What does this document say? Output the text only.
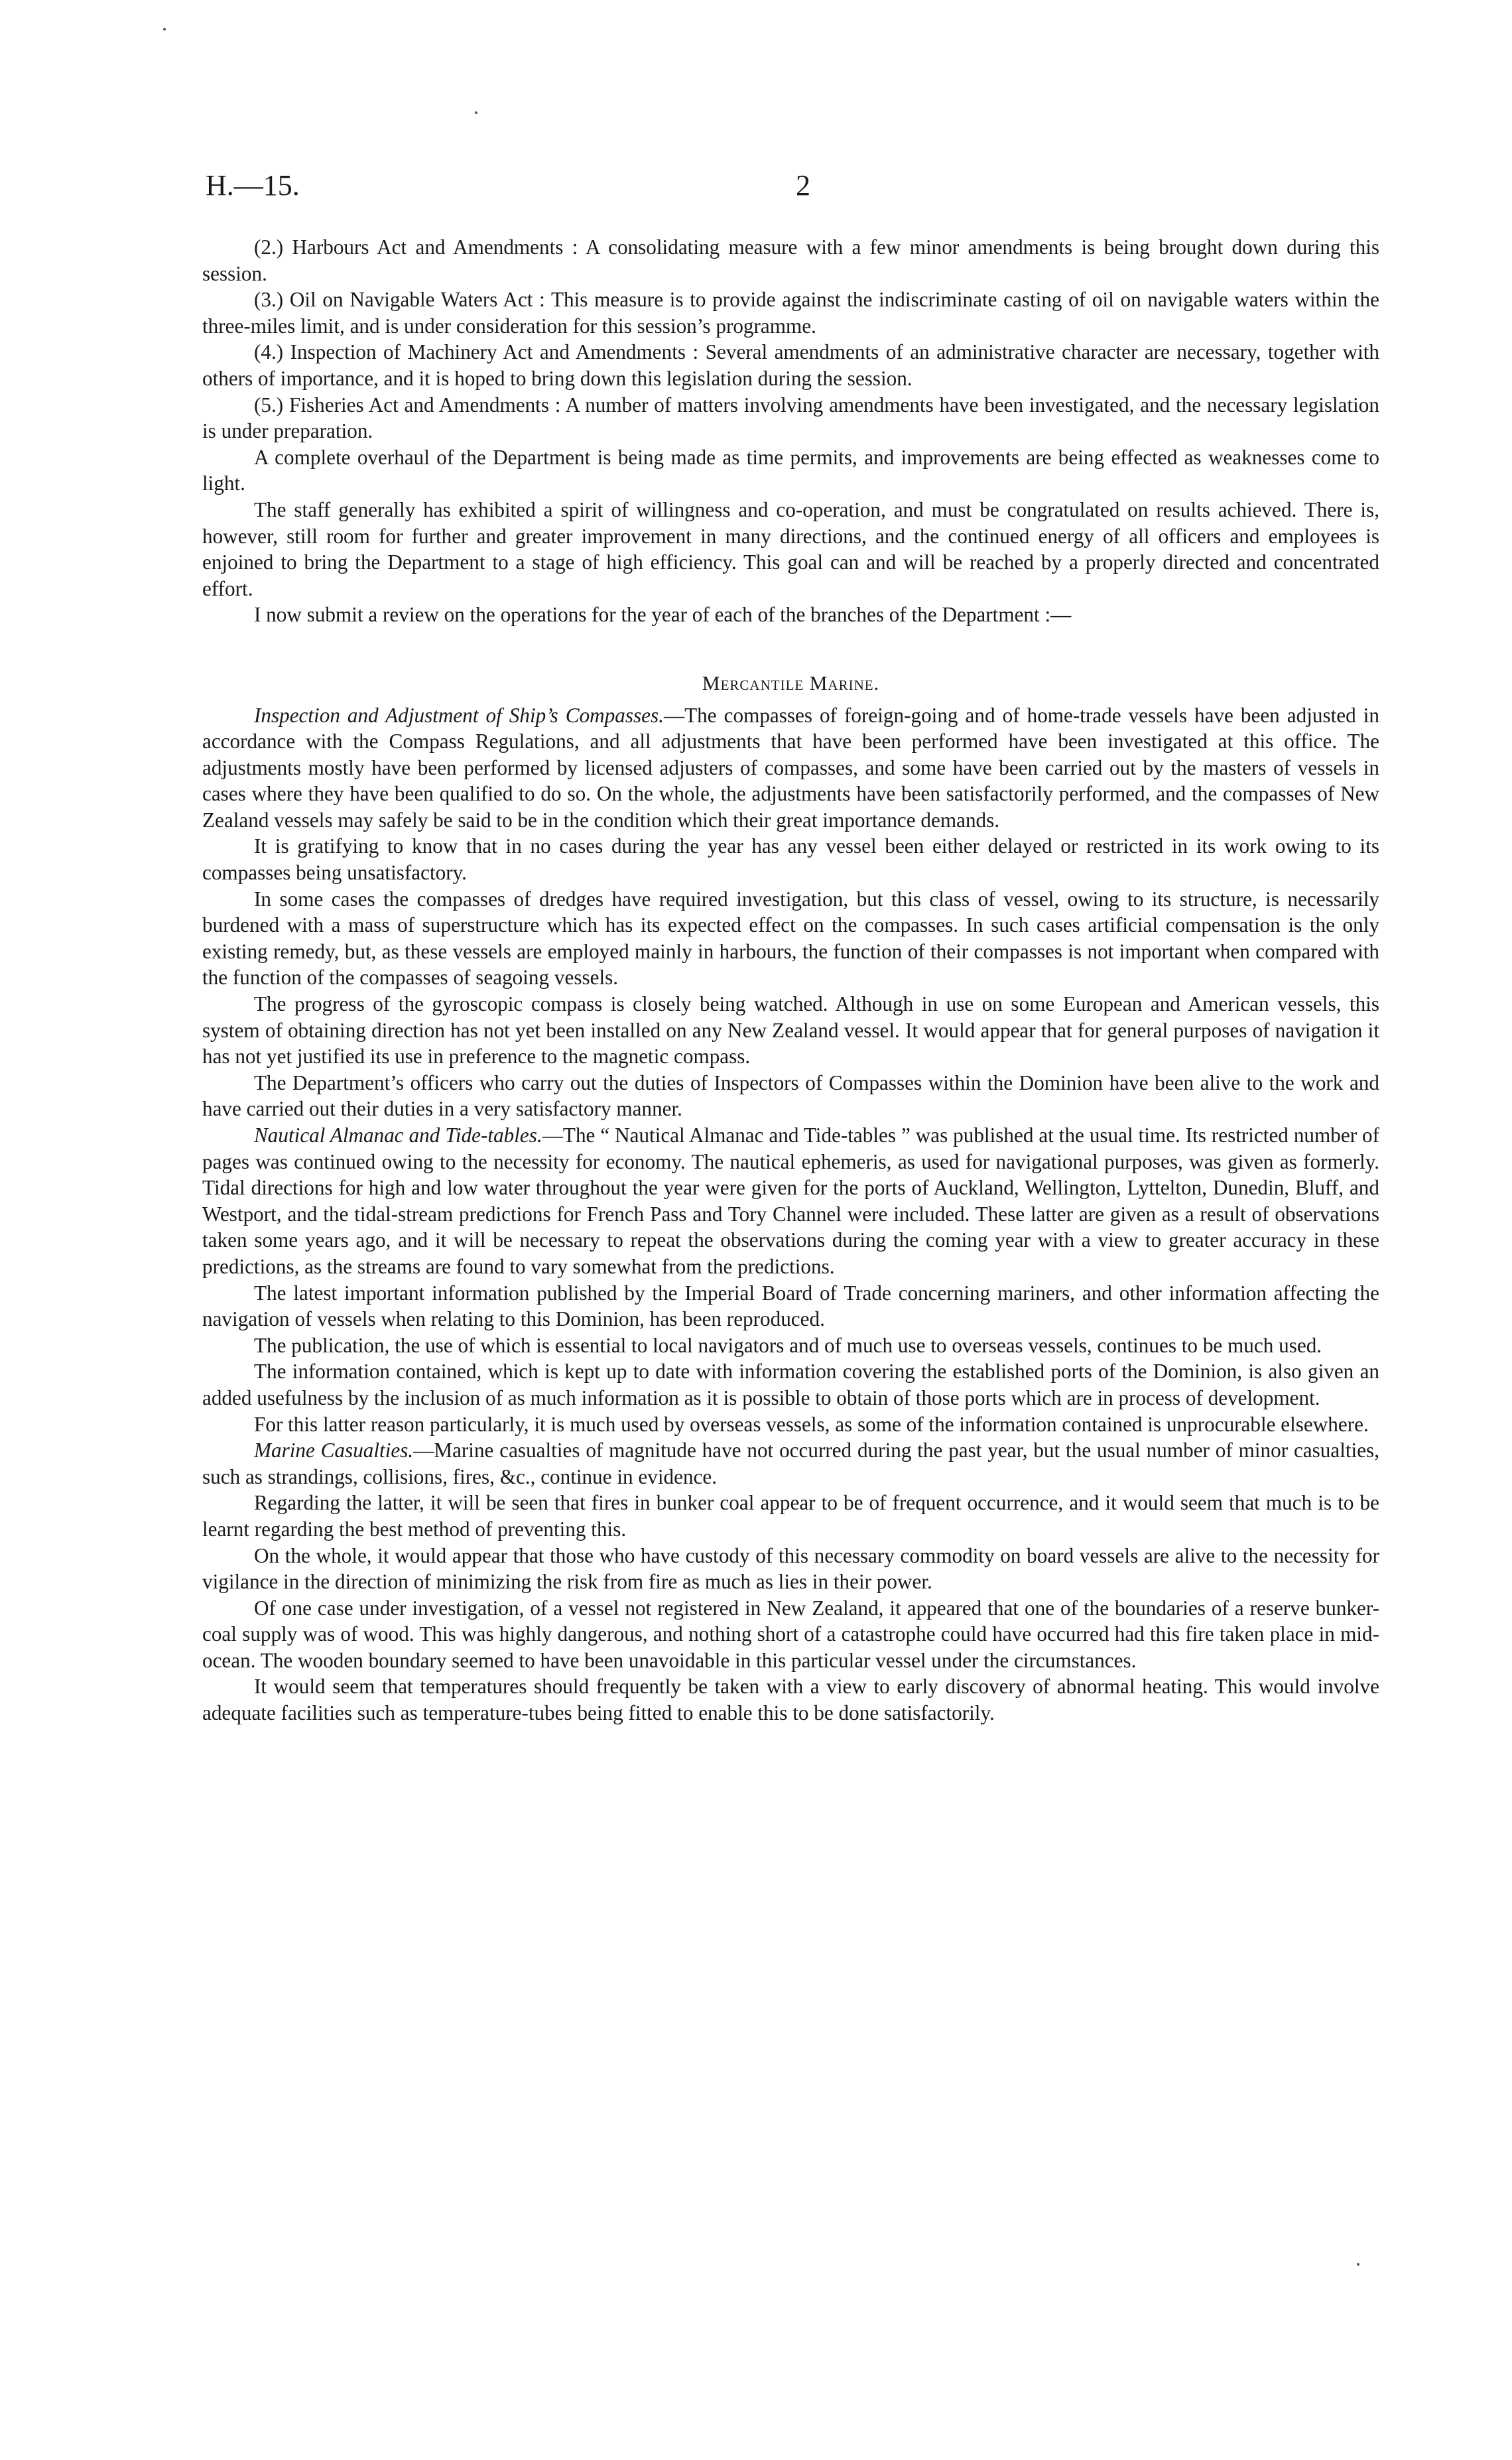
H.—15.	2

(2.) Harbours Act and Amendments : A consolidating measure with a few minor amendments is being brought down during this session.

(3.) Oil on Navigable Waters Act : This measure is to provide against the indiscriminate casting of oil on navigable waters within the three-miles limit, and is under consideration for this session’s programme.

(4.) Inspection of Machinery Act and Amendments : Several amendments of an administrative character are necessary, together with others of importance, and it is hoped to bring down this legislation during the session.

(5.) Fisheries Act and Amendments : A number of matters involving amendments have been investigated, and the necessary legislation is under preparation.

A complete overhaul of the Department is being made as time permits, and improvements are being effected as weaknesses come to light.

The staff generally has exhibited a spirit of willingness and co-operation, and must be congratulated on results achieved. There is, however, still room for further and greater improvement in many directions, and the continued energy of all officers and employees is enjoined to bring the Department to a stage of high efficiency. This goal can and will be reached by a properly directed and concentrated effort.

I now submit a review on the operations for the year of each of the branches of the Department :—

Mercantile Marine.

Inspection and Adjustment of Ship’s Compasses.—The compasses of foreign-going and of home-trade vessels have been adjusted in accordance with the Compass Regulations, and all adjustments that have been performed have been investigated at this office. The adjustments mostly have been performed by licensed adjusters of compasses, and some have been carried out by the masters of vessels in cases where they have been qualified to do so. On the whole, the adjustments have been satisfactorily performed, and the compasses of New Zealand vessels may safely be said to be in the condition which their great importance demands.

It is gratifying to know that in no cases during the year has any vessel been either delayed or restricted in its work owing to its compasses being unsatisfactory.

In some cases the compasses of dredges have required investigation, but this class of vessel, owing to its structure, is necessarily burdened with a mass of superstructure which has its expected effect on the compasses. In such cases artificial compensation is the only existing remedy, but, as these vessels are employed mainly in harbours, the function of their compasses is not important when compared with the function of the compasses of seagoing vessels.

The progress of the gyroscopic compass is closely being watched. Although in use on some European and American vessels, this system of obtaining direction has not yet been installed on any New Zealand vessel. It would appear that for general purposes of navigation it has not yet justified its use in preference to the magnetic compass.

The Department’s officers who carry out the duties of Inspectors of Compasses within the Dominion have been alive to the work and have carried out their duties in a very satisfactory manner.

Nautical Almanac and Tide-tables.—The “ Nautical Almanac and Tide-tables ” was published at the usual time. Its restricted number of pages was continued owing to the necessity for economy. The nautical ephemeris, as used for navigational purposes, was given as formerly. Tidal directions for high and low water throughout the year were given for the ports of Auckland, Wellington, Lyttelton, Dunedin, Bluff, and Westport, and the tidal-stream predictions for French Pass and Tory Channel were included. These latter are given as a result of observations taken some years ago, and it will be necessary to repeat the observations during the coming year with a view to greater accuracy in these predictions, as the streams are found to vary somewhat from the predictions.

The latest important information published by the Imperial Board of Trade concerning mariners, and other information affecting the navigation of vessels when relating to this Dominion, has been reproduced.

The publication, the use of which is essential to local navigators and of much use to overseas vessels, continues to be much used.

The information contained, which is kept up to date with information covering the established ports of the Dominion, is also given an added usefulness by the inclusion of as much information as it is possible to obtain of those ports which are in process of development.

For this latter reason particularly, it is much used by overseas vessels, as some of the information contained is unprocurable elsewhere.

Marine Casualties.—Marine casualties of magnitude have not occurred during the past year, but the usual number of minor casualties, such as strandings, collisions, fires, &c., continue in evidence.

Regarding the latter, it will be seen that fires in bunker coal appear to be of frequent occurrence, and it would seem that much is to be learnt regarding the best method of preventing this.

On the whole, it would appear that those who have custody of this necessary commodity on board vessels are alive to the necessity for vigilance in the direction of minimizing the risk from fire as much as lies in their power.

Of one case under investigation, of a vessel not registered in New Zealand, it appeared that one of the boundaries of a reserve bunker-coal supply was of wood. This was highly dangerous, and nothing short of a catastrophe could have occurred had this fire taken place in mid-ocean. The wooden boundary seemed to have been unavoidable in this particular vessel under the circumstances.

It would seem that temperatures should frequently be taken with a view to early discovery of abnormal heating. This would involve adequate facilities such as temperature-tubes being fitted to enable this to be done satisfactorily.
